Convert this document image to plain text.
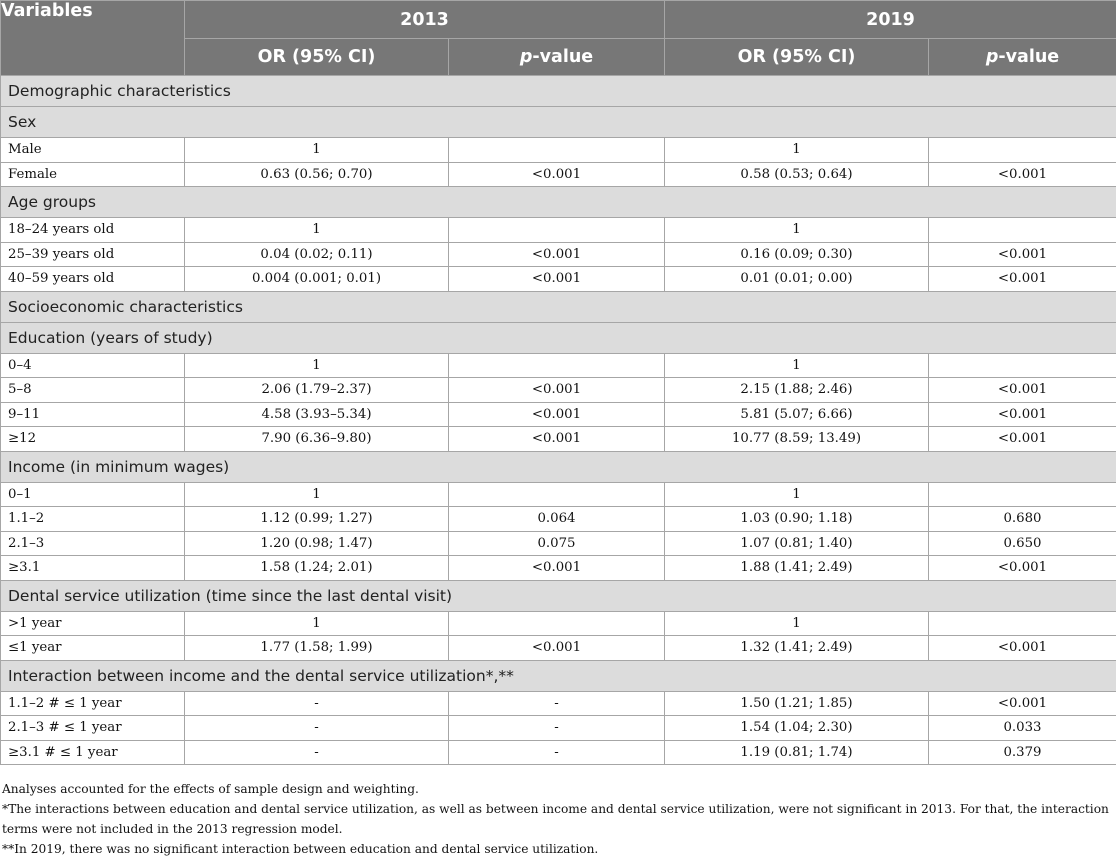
Variables	2013		2019	
	OR (95% CI)	p-value	OR (95% CI)	p-value
Demographic characteristics				
Sex				
Male	1		1	
Female	0.63 (0.56; 0.70)	<0.001	0.58 (0.53; 0.64)	<0.001
Age groups				
18–24 years old	1		1	
25–39 years old	0.04 (0.02; 0.11)	<0.001	0.16 (0.09; 0.30)	<0.001
40–59 years old	0.004 (0.001; 0.01)	<0.001	0.01 (0.01; 0.00)	<0.001
Socioeconomic characteristics				
Education (years of study)				
0–4	1		1	
5–8	2.06 (1.79–2.37)	<0.001	2.15 (1.88; 2.46)	<0.001
9–11	4.58 (3.93–5.34)	<0.001	5.81 (5.07; 6.66)	<0.001
≥12	7.90 (6.36–9.80)	<0.001	10.77 (8.59; 13.49)	<0.001
Income (in minimum wages)				
0–1	1		1	
1.1–2	1.12 (0.99; 1.27)	0.064	1.03 (0.90; 1.18)	0.680
2.1–3	1.20 (0.98; 1.47)	0.075	1.07 (0.81; 1.40)	0.650
≥3.1	1.58 (1.24; 2.01)	<0.001	1.88 (1.41; 2.49)	<0.001
Dental service utilization (time since the last dental visit)				
>1 year	1		1	
≤1 year	1.77 (1.58; 1.99)	<0.001	1.32 (1.41; 2.49)	<0.001
Interaction between income and the dental service utilization*,**				
1.1–2 # ≤ 1 year	-	-	1.50 (1.21; 1.85)	<0.001
2.1–3 # ≤ 1 year	-	-	1.54 (1.04; 2.30)	0.033
≥3.1 # ≤ 1 year	-	-	1.19 (0.81; 1.74)	0.379

Analyses accounted for the effects of sample design and weighting.

*The interactions between education and dental service utilization, as well as between income and dental service utilization, were not significant in 2013. For that, the interaction terms were not included in the 2013 regression model.

**In 2019, there was no significant interaction between education and dental service utilization.
